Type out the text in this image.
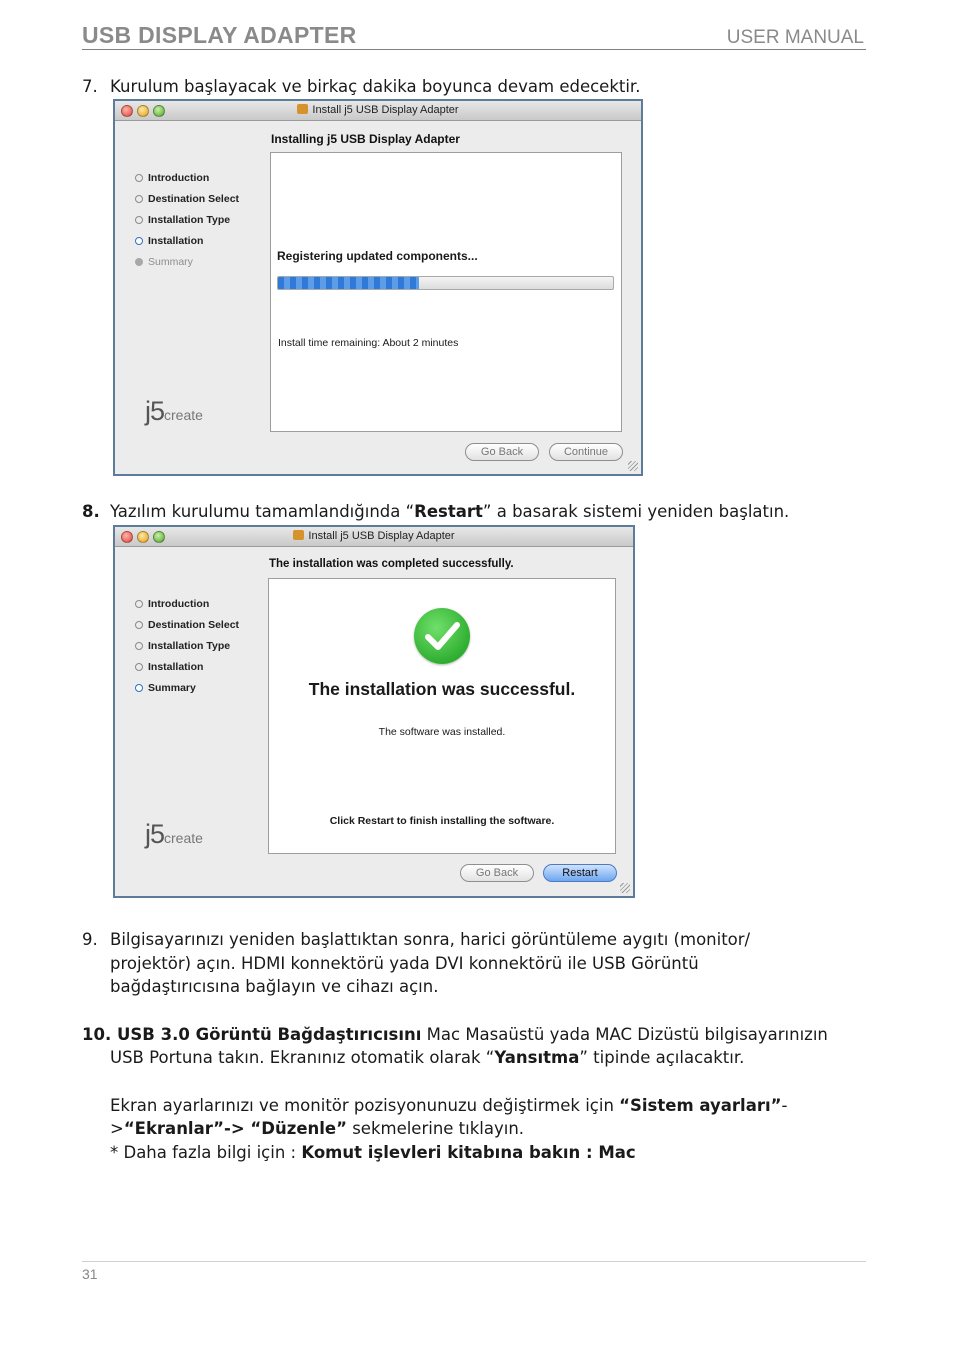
USB DISPLAY ADAPTER	USER MANUAL
7. Kurulum başlayacak ve birkaç dakika boyunca devam edecektir.
Install j5 USB Display Adapter
Installing j5 USB Display Adapter
Introduction
Destination Select
Installation Type
Installation
Summary
j5create
Registering updated components...
Install time remaining: About 2 minutes
Go Back	Continue
8. Yazılım kurulumu tamamlandığında “Restart” a basarak sistemi yeniden başlatın.
Install j5 USB Display Adapter
The installation was completed successfully.
Introduction
Destination Select
Installation Type
Installation
Summary
j5create
The installation was successful.
The software was installed.
Click Restart to finish installing the software.
Go Back	Restart
9. Bilgisayarınızı yeniden başlattıktan sonra, harici görüntüleme aygıtı (monitor/
projektör) açın. HDMI konnektörü yada DVI konnektörü ile USB Görüntü
bağdaştırıcısına bağlayın ve cihazı açın.
10. USB 3.0 Görüntü Bağdaştırıcısını Mac Masaüstü yada MAC Dizüstü bilgisayarınızın
USB Portuna takın. Ekranınız otomatik olarak “Yansıtma” tipinde açılacaktır.
Ekran ayarlarınızı ve monitör pozisyonunuzu değiştirmek için “Sistem ayarları”-
>“Ekranlar”-> “Düzenle” sekmelerine tıklayın.
* Daha fazla bilgi için : Komut işlevleri kitabına bakın : Mac
31
